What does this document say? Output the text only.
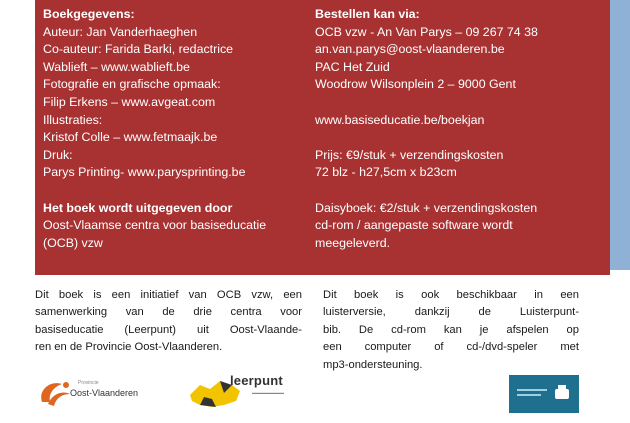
Boekgegevens:
Auteur: Jan Vanderhaeghen
Co-auteur: Farida Barki, redactrice
Wablieft – www.wablieft.be
Fotografie en grafische opmaak:
Filip Erkens – www.avgeat.com
Illustraties:
Kristof Colle – www.fetmaajk.be
Druk:
Parys Printing- www.parysprinting.be
Het boek wordt uitgegeven door
Oost-Vlaamse centra voor basiseducatie
(OCB) vzw
Bestellen kan via:
OCB vzw - An Van Parys – 09 267 74 38
an.van.parys@oost-vlaanderen.be
PAC Het Zuid
Woodrow Wilsonplein 2 – 9000 Gent
www.basiseducatie.be/boekjan
Prijs: €9/stuk + verzendingskosten
72 blz - h27,5cm x b23cm
Daisyboek: €2/stuk + verzendingskosten
cd-rom / aangepaste software wordt
meegeleverd.
Dit boek is een initiatief van OCB vzw, een
samenwerking van de drie centra voor
basiseducatie (Leerpunt) uit Oost-Vlaande-
ren en de Provincie Oost-Vlaanderen.
Dit boek is ook beschikbaar in een
luisterversie, dankzij de Luisterpunt-
bib. De cd-rom kan je afspelen op
een computer of cd-/dvd-speler met
mp3-ondersteuning.
Provincie
Oost-Vlaanderen
leerpunt
▬▬▬▬▬▬▬▬
